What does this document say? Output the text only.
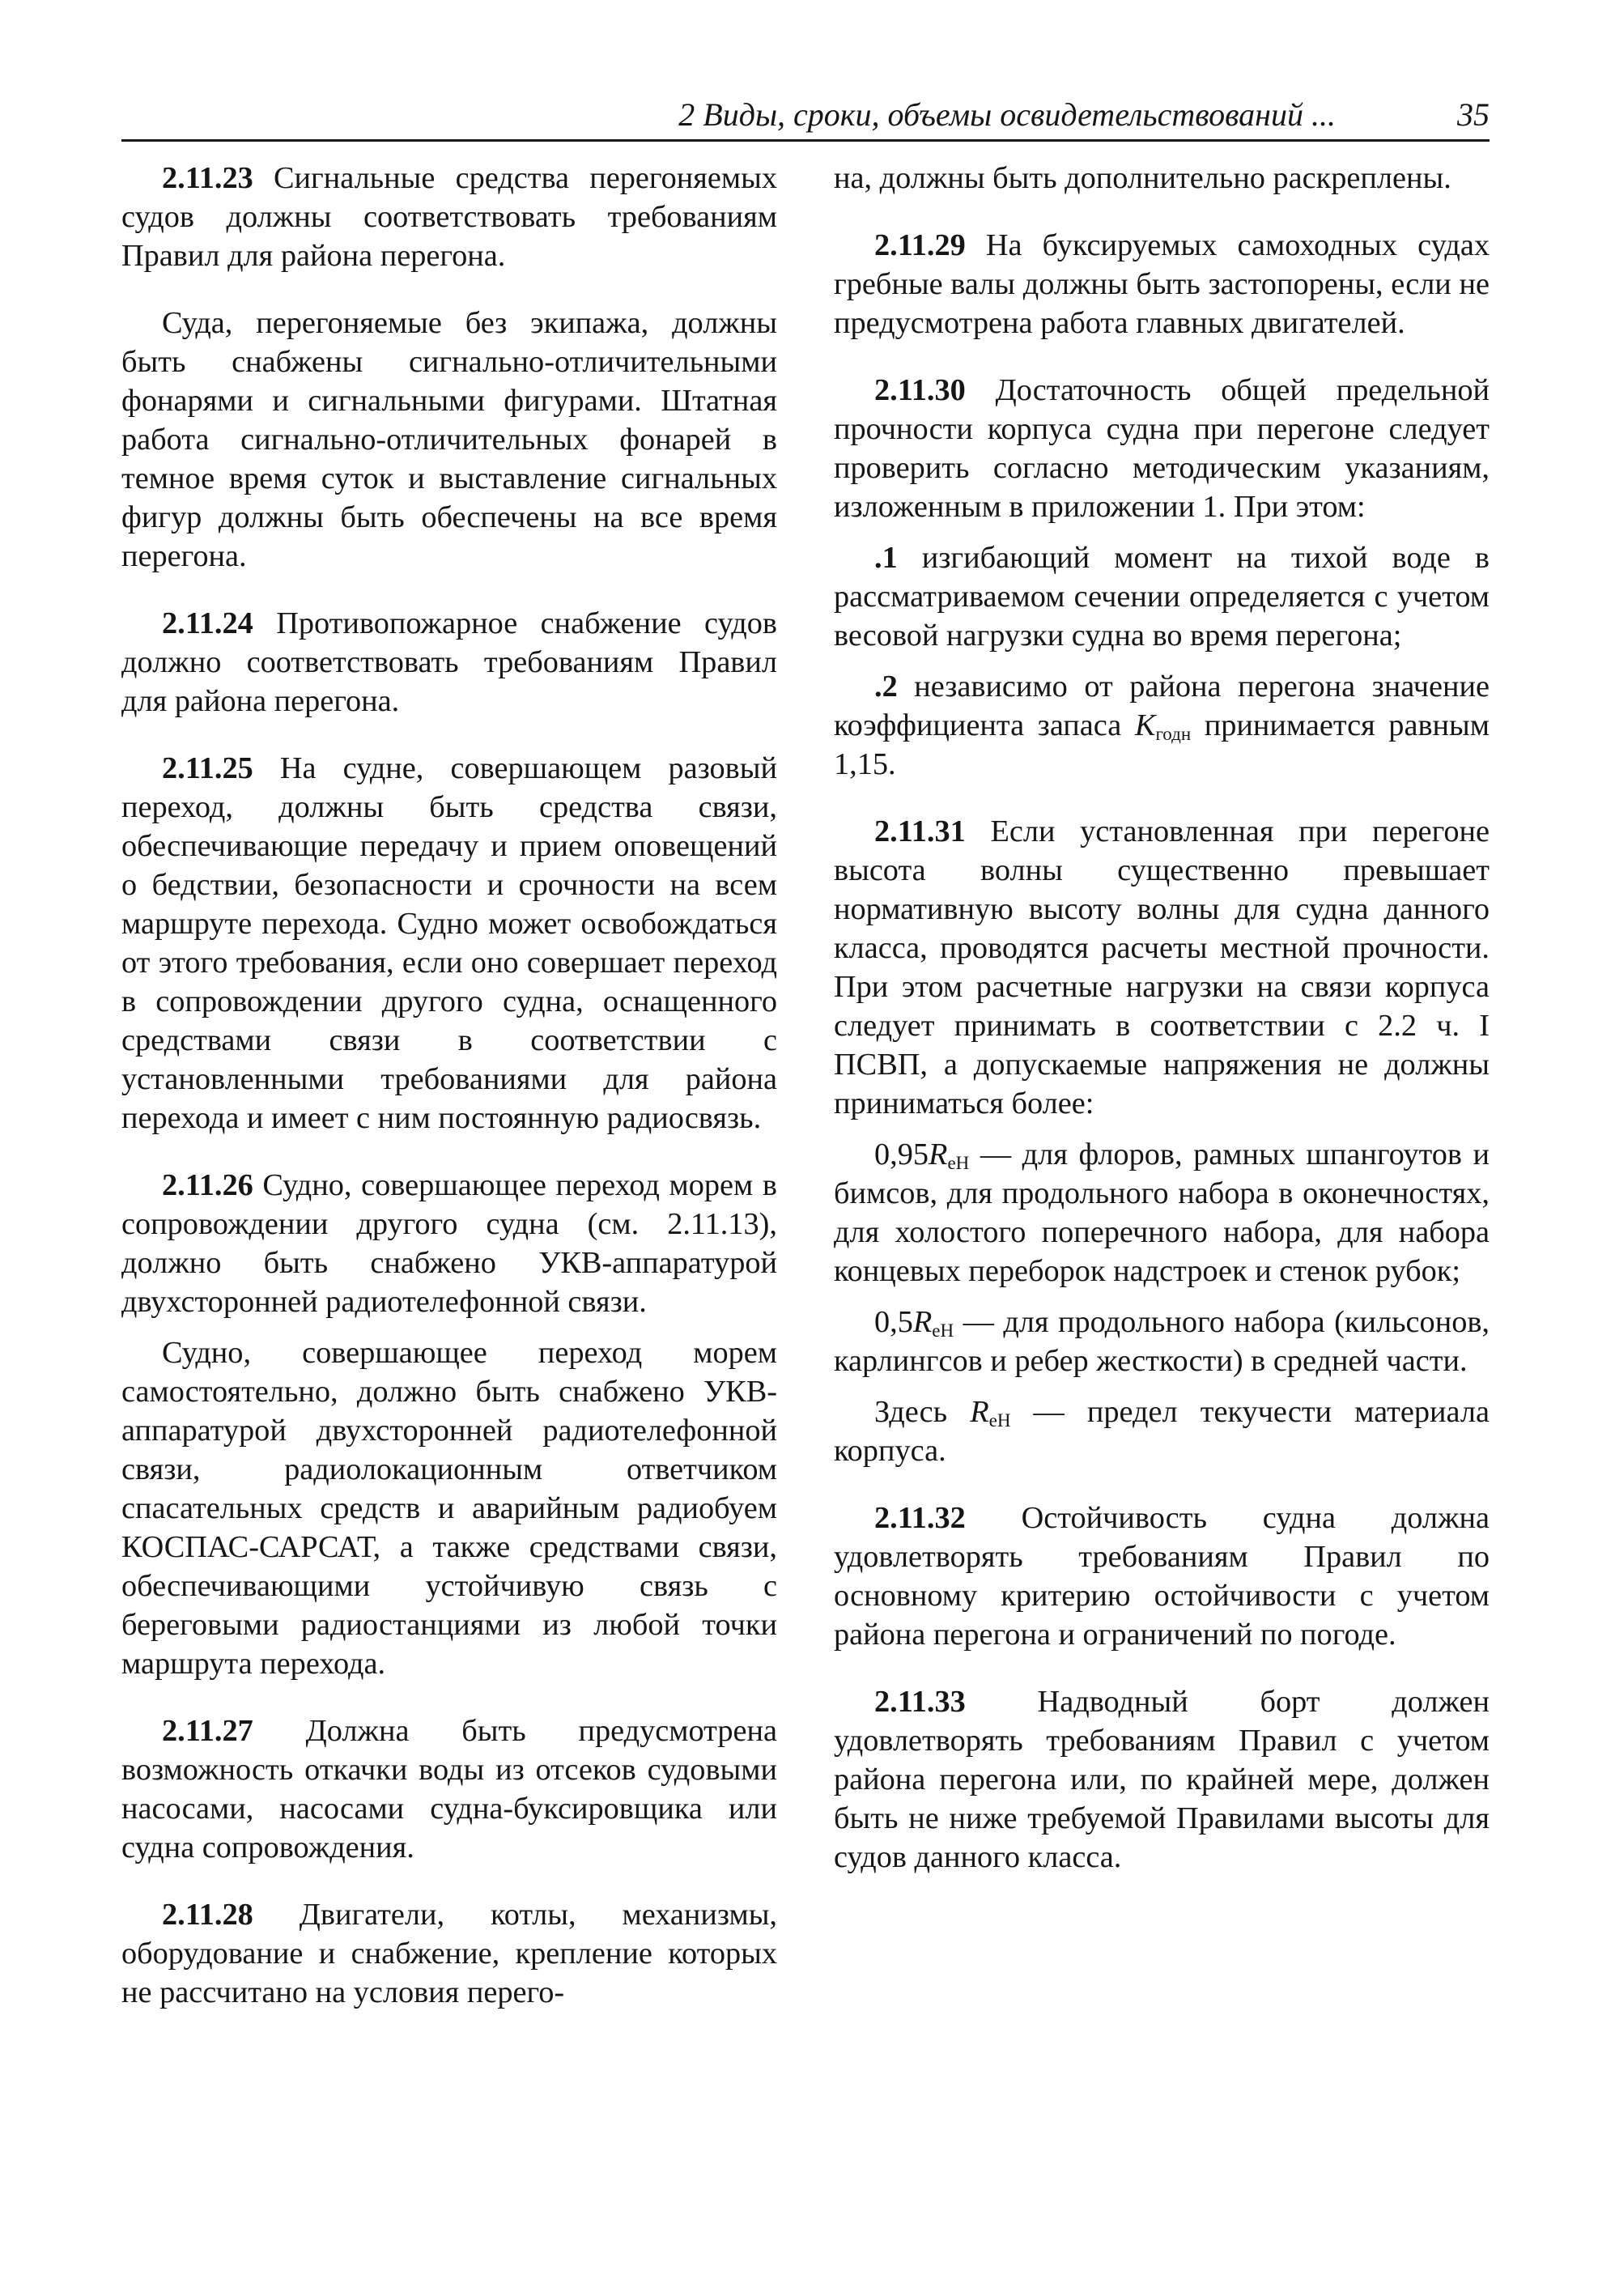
2 Виды, сроки, объемы освидетельствований ...	35

2.11.23 Сигнальные средства перегоняемых судов должны соответствовать требованиям Правил для района перегона.

Суда, перегоняемые без экипажа, должны быть снабжены сигнально-отличительными фонарями и сигнальными фигурами. Штатная работа сигнально-отличительных фонарей в темное время суток и выставление сигнальных фигур должны быть обеспечены на все время перегона.

2.11.24 Противопожарное снабжение судов должно соответствовать требованиям Правил для района перегона.

2.11.25 На судне, совершающем разовый переход, должны быть средства связи, обеспечивающие передачу и прием оповещений о бедствии, безопасности и срочности на всем маршруте перехода. Судно может освобождаться от этого требования, если оно совершает переход в сопровождении другого судна, оснащенного средствами связи в соответствии с установленными требованиями для района перехода и имеет с ним постоянную радиосвязь.

2.11.26 Судно, совершающее переход морем в сопровождении другого судна (см. 2.11.13), должно быть снабжено УКВ-аппаратурой двухсторонней радиотелефонной связи.

Судно, совершающее переход морем самостоятельно, должно быть снабжено УКВ-аппаратурой двухсторонней радиотелефонной связи, радиолокационным ответчиком спасательных средств и аварийным радиобуем КОСПАС-САРСАТ, а также средствами связи, обеспечивающими устойчивую связь с береговыми радиостанциями из любой точки маршрута перехода.

2.11.27 Должна быть предусмотрена возможность откачки воды из отсеков судовыми насосами, насосами судна-буксировщика или судна сопровождения.

2.11.28 Двигатели, котлы, механизмы, оборудование и снабжение, крепление которых не рассчитано на условия перего-

на, должны быть дополнительно раскреплены.

2.11.29 На буксируемых самоходных судах гребные валы должны быть застопорены, если не предусмотрена работа главных двигателей.

2.11.30 Достаточность общей предельной прочности корпуса судна при перегоне следует проверить согласно методическим указаниям, изложенным в приложении 1. При этом:

.1 изгибающий момент на тихой воде в рассматриваемом сечении определяется с учетом весовой нагрузки судна во время перегона;

.2 независимо от района перегона значение коэффициента запаса $K_{годн}$ принимается равным 1,15.

2.11.31 Если установленная при перегоне высота волны существенно превышает нормативную высоту волны для судна данного класса, проводятся расчеты местной прочности. При этом расчетные нагрузки на связи корпуса следует принимать в соответствии с 2.2 ч. I ПСВП, а допускаемые напряжения не должны приниматься более:

$0,95R_{eH}$ — для флоров, рамных шпангоутов и бимсов, для продольного набора в оконечностях, для холостого поперечного набора, для набора концевых переборок надстроек и стенок рубок;

$0,5R_{eH}$ — для продольного набора (кильсонов, карлингсов и ребер жесткости) в средней части.

Здесь $R_{eH}$ — предел текучести материала корпуса.

2.11.32 Остойчивость судна должна удовлетворять требованиям Правил по основному критерию остойчивости с учетом района перегона и ограничений по погоде.

2.11.33 Надводный борт должен удовлетворять требованиям Правил с учетом района перегона или, по крайней мере, должен быть не ниже требуемой Правилами высоты для судов данного класса.
